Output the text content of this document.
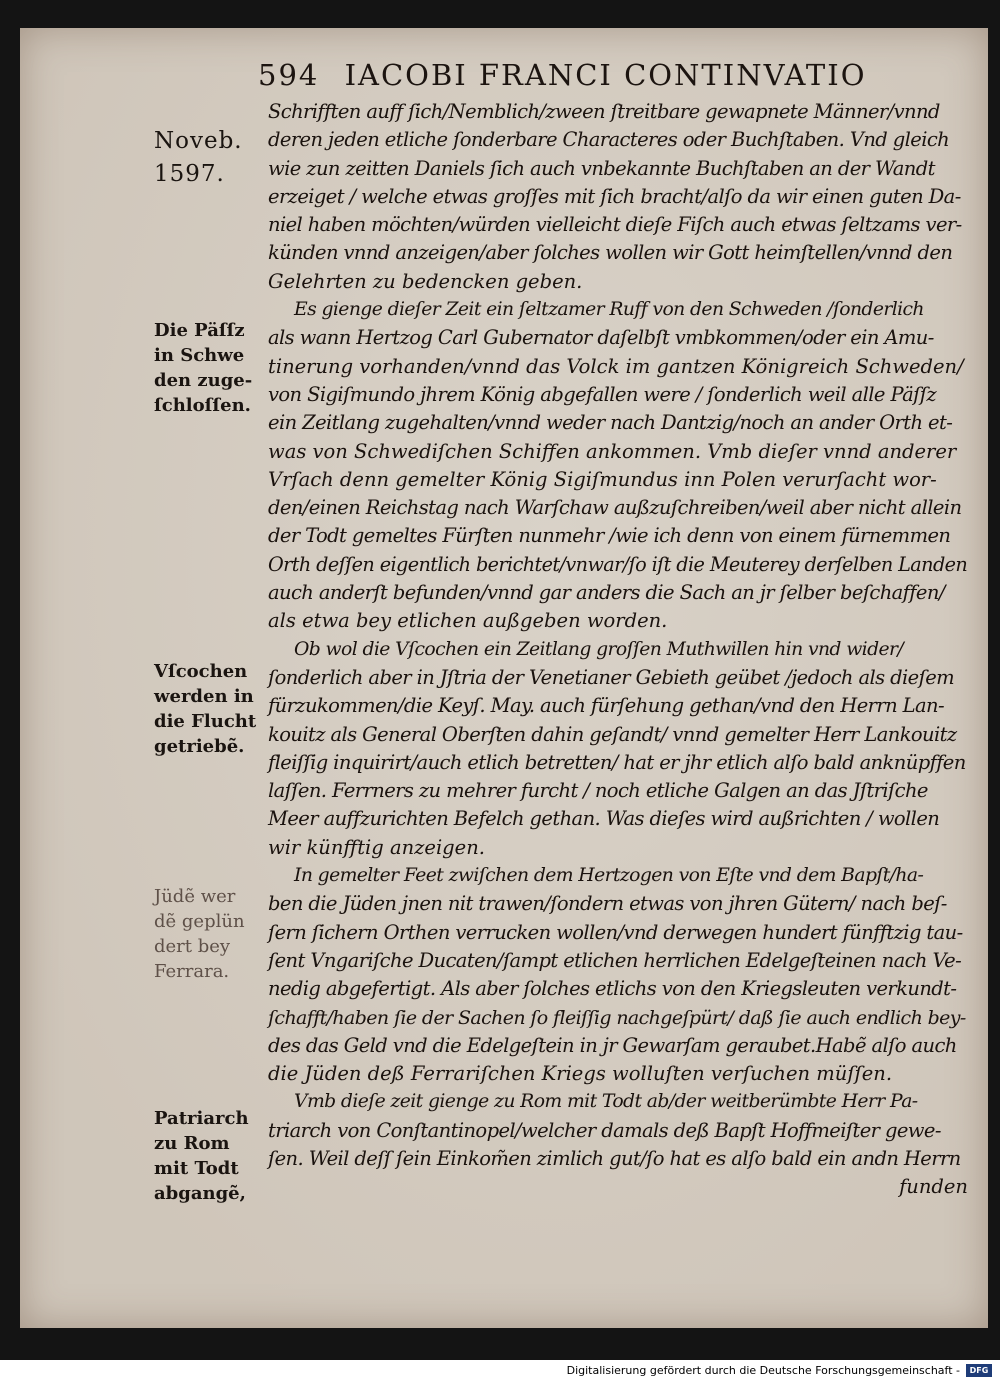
594 IACOBI FRANCI CONTINVATIO
Noveb.
1597.
Die Päſſz
in Schwe
den zuge-
ſchloſſen.
Vſcochen
werden in
die Flucht
getriebẽ.
Jüdẽ wer
dẽ geplün
dert bey
Ferrara.
Patriarch
zu Rom
mit Todt
abgangẽ,
Schrifften auff ſich/Nemblich/zween ſtreitbare gewapnete Männer/vnnd
deren jeden etliche ſonderbare Characteres oder Buchſtaben. Vnd gleich
wie zun zeitten Daniels ſich auch vnbekannte Buchſtaben an der Wandt
erzeiget / welche etwas groſſes mit ſich bracht/alſo da wir einen guten Da-
niel haben möchten/würden vielleicht dieſe Fiſch auch etwas ſeltzams ver-
künden vnnd anzeigen/aber ſolches wollen wir Gott heimſtellen/vnnd den
Gelehrten zu bedencken geben.
Es gienge dieſer Zeit ein ſeltzamer Ruff von den Schweden /ſonderlich
als wann Hertzog Carl Gubernator daſelbſt vmbkommen/oder ein Amu-
tinerung vorhanden/vnnd das Volck im gantzen Königreich Schweden/
von Sigiſmundo jhrem König abgefallen were / ſonderlich weil alle Päſſz
ein Zeitlang zugehalten/vnnd weder nach Dantzig/noch an ander Orth et-
was von Schwediſchen Schiffen ankommen. Vmb dieſer vnnd anderer
Vrſach denn gemelter König Sigiſmundus inn Polen verurſacht wor-
den/einen Reichstag nach Warſchaw außzuſchreiben/weil aber nicht allein
der Todt gemeltes Fürſten nunmehr /wie ich denn von einem fürnemmen
Orth deſſen eigentlich berichtet/vnwar/ſo iſt die Meuterey derſelben Landen
auch anderſt befunden/vnnd gar anders die Sach an jr ſelber beſchaffen/
als etwa bey etlichen außgeben worden.
Ob wol die Vſcochen ein Zeitlang groſſen Muthwillen hin vnd wider/
ſonderlich aber in Jſtria der Venetianer Gebieth geübet /jedoch als dieſem
fürzukommen/die Keyſ. May. auch fürſehung gethan/vnd den Herrn Lan-
kouitz als General Oberſten dahin geſandt/ vnnd gemelter Herr Lankouitz
fleiſſig inquirirt/auch etlich betretten/ hat er jhr etlich alſo bald anknüpffen
laſſen. Ferrners zu mehrer furcht / noch etliche Galgen an das Jſtriſche
Meer auffzurichten Befelch gethan. Was dieſes wird außrichten / wollen
wir künfftig anzeigen.
In gemelter Feet zwiſchen dem Hertzogen von Eſte vnd dem Bapſt/ha-
ben die Jüden jnen nit trawen/ſondern etwas von jhren Gütern/ nach beſ-
ſern ſichern Orthen verrucken wollen/vnd derwegen hundert fünfftzig tau-
ſent Vngariſche Ducaten/ſampt etlichen herrlichen Edelgeſteinen nach Ve-
nedig abgefertigt. Als aber ſolches etlichs von den Kriegsleuten verkundt-
ſchafft/haben ſie der Sachen ſo fleiſſig nachgeſpürt/ daß ſie auch endlich bey-
des das Geld vnd die Edelgeſtein in jr Gewarſam geraubet.Habẽ alſo auch
die Jüden deß Ferrariſchen Kriegs wolluſten verſuchen müſſen.
Vmb dieſe zeit gienge zu Rom mit Todt ab/der weitberümbte Herr Pa-
triarch von Conſtantinopel/welcher damals deß Bapſt Hoffmeiſter gewe-
ſen. Weil deſſ ſein Einkom̃en zimlich gut/ſo hat es alſo bald ein andn Herrn
funden
Digitalisierung gefördert durch die Deutsche Forschungsgemeinschaft -	DFG
